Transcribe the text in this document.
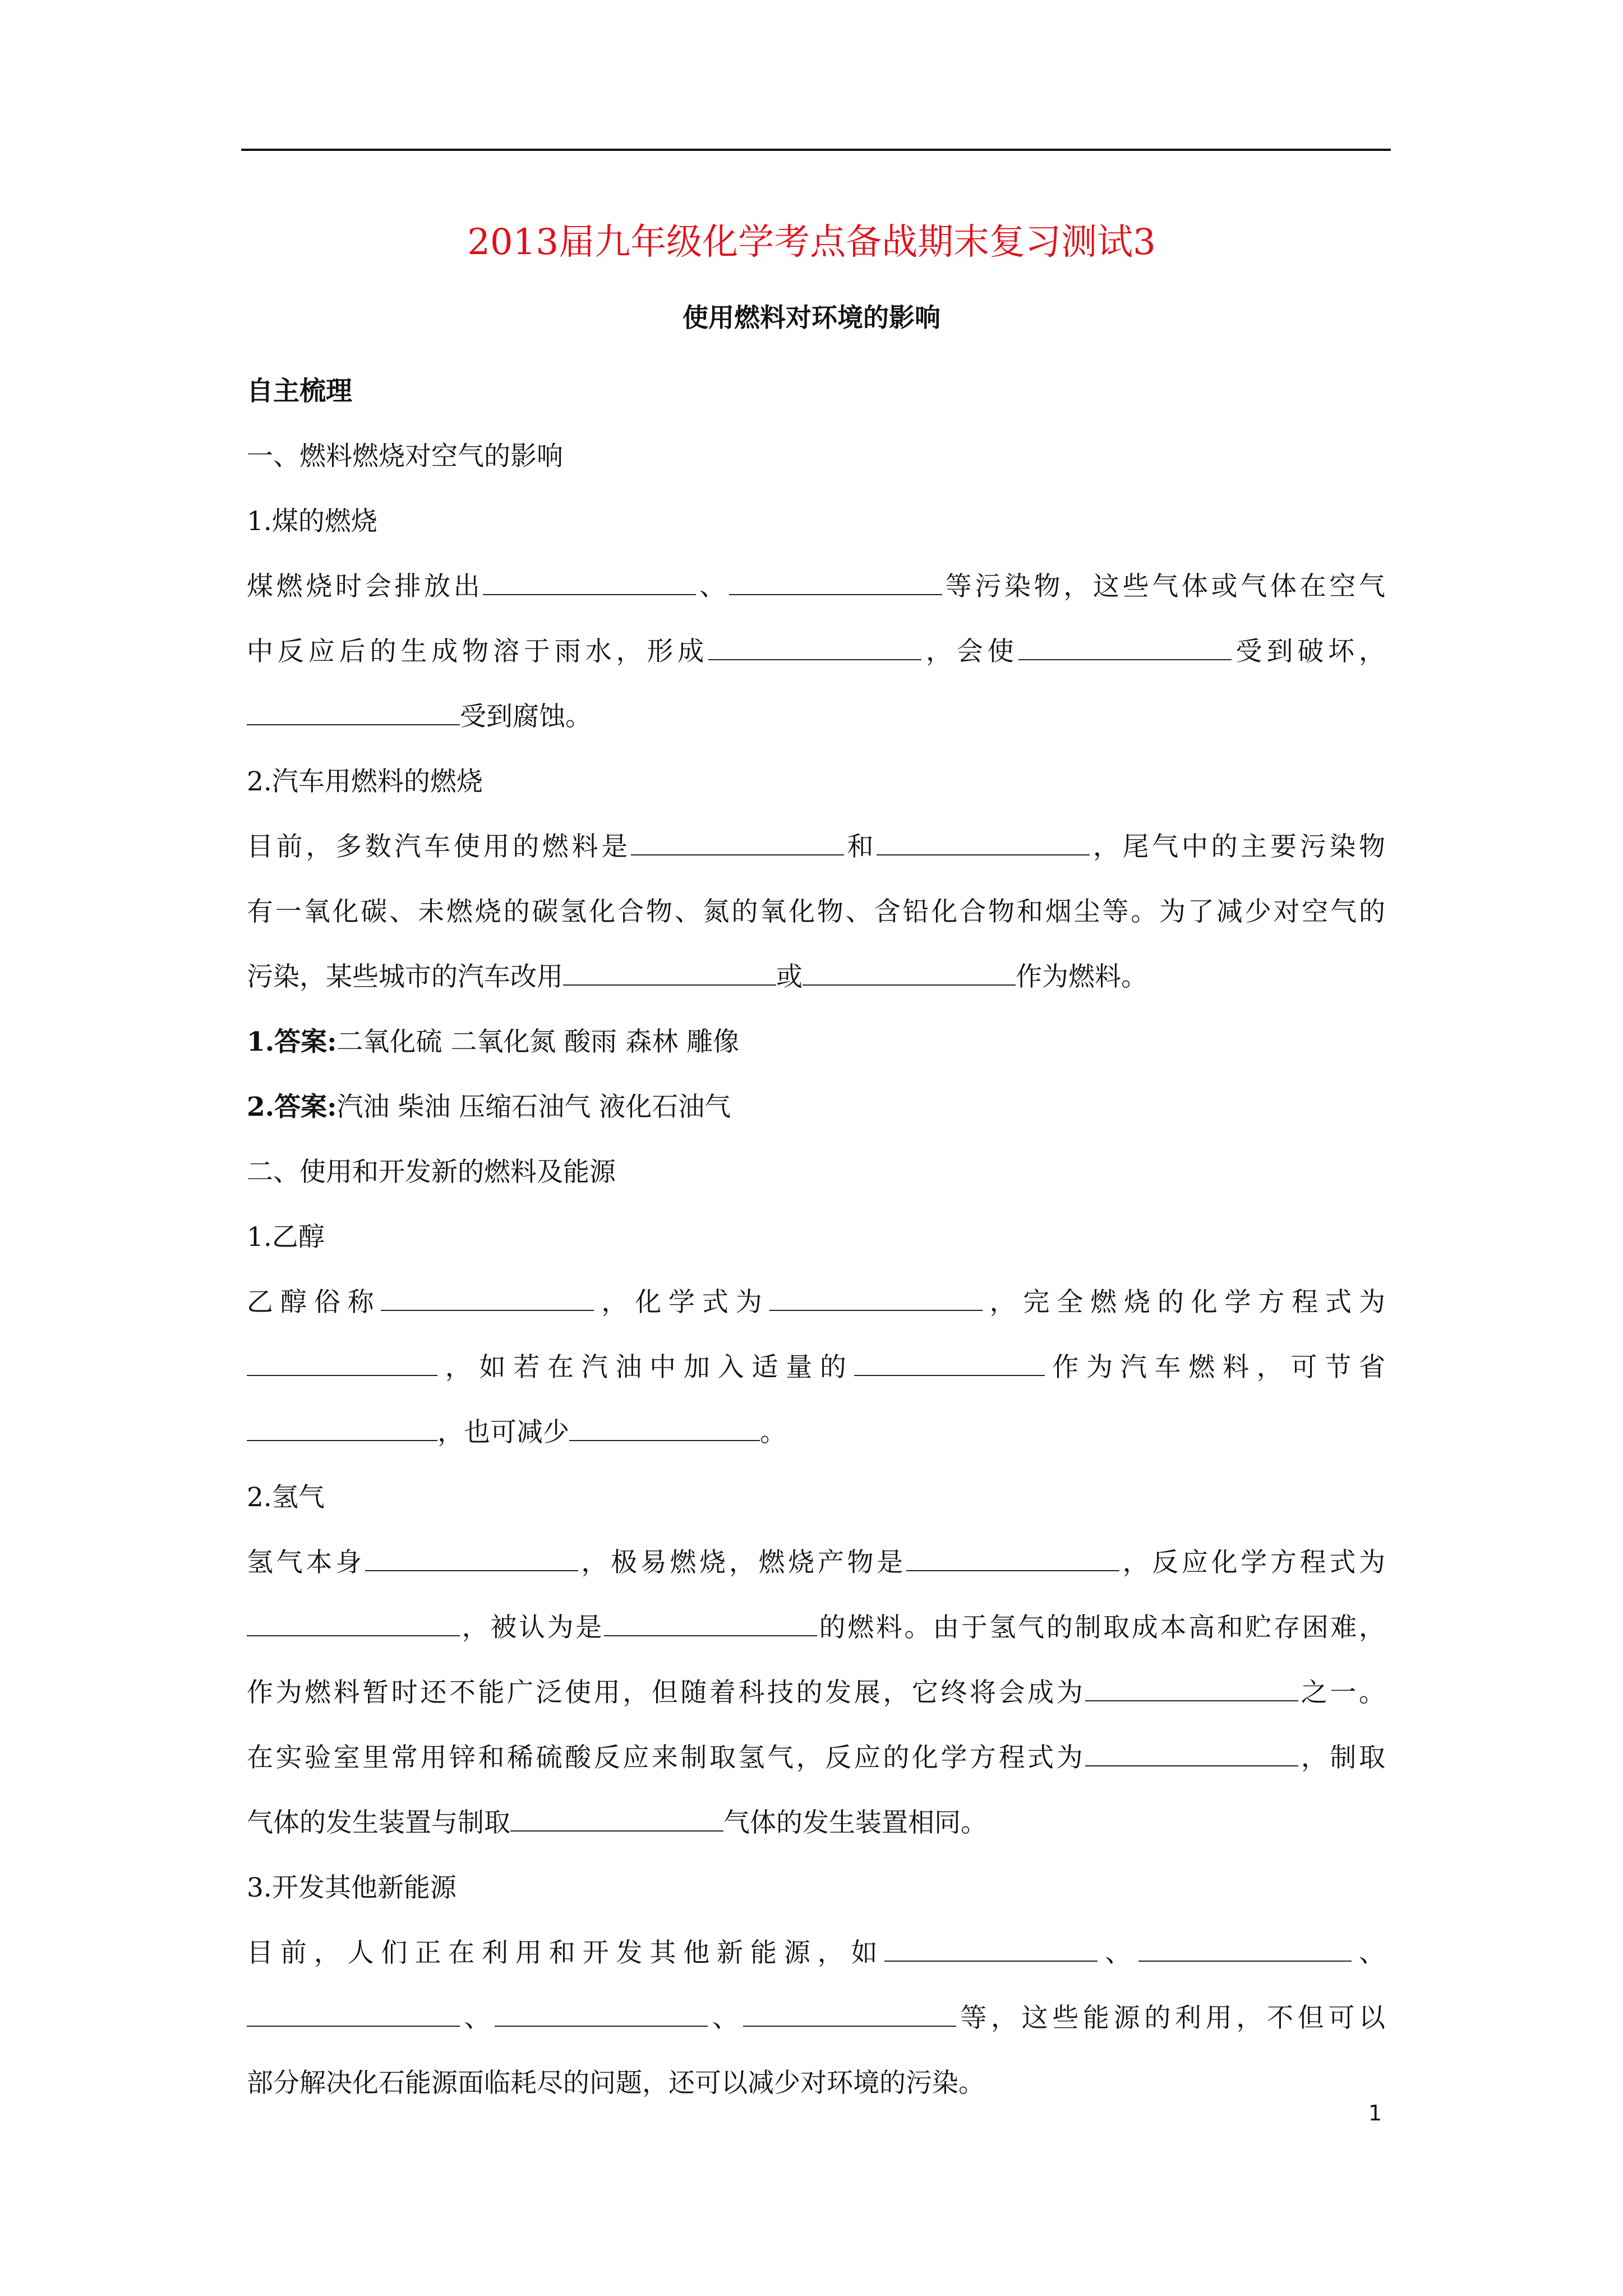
2013届九年级化学考点备战期末复习测试3
使用燃料对环境的影响
自主梳理
一、燃料燃烧对空气的影响
1.煤的燃烧
煤燃烧时会排放出	、	等污染物，这些气体或气体在空气
中反应后的生成物溶于雨水，形成	，会使	受到破坏，
受到腐蚀。
2.汽车用燃料的燃烧
目前，多数汽车使用的燃料是	和	，尾气中的主要污染物
有一氧化碳、未燃烧的碳氢化合物、氮的氧化物、含铅化合物和烟尘等。为了减少对空气的
污染，某些城市的汽车改用	或	作为燃料。
1.答案:二氧化硫 二氧化氮 酸雨 森林 雕像
2.答案:汽油 柴油 压缩石油气 液化石油气
二、使用和开发新的燃料及能源
1.乙醇
乙醇俗称	，化学式为	，完全燃烧的化学方程式为
，如若在汽油中加入适量的	作为汽车燃料，可节省
，也可减少	。
2.氢气
氢气本身	，极易燃烧，燃烧产物是	，反应化学方程式为
，被认为是	的燃料。由于氢气的制取成本高和贮存困难，
作为燃料暂时还不能广泛使用，但随着科技的发展，它终将会成为	之一。
在实验室里常用锌和稀硫酸反应来制取氢气，反应的化学方程式为	，制取
气体的发生装置与制取	气体的发生装置相同。
3.开发其他新能源
目前，人们正在利用和开发其他新能源，如	、	、
、	、	等，这些能源的利用，不但可以
部分解决化石能源面临耗尽的问题，还可以减少对环境的污染。
1
